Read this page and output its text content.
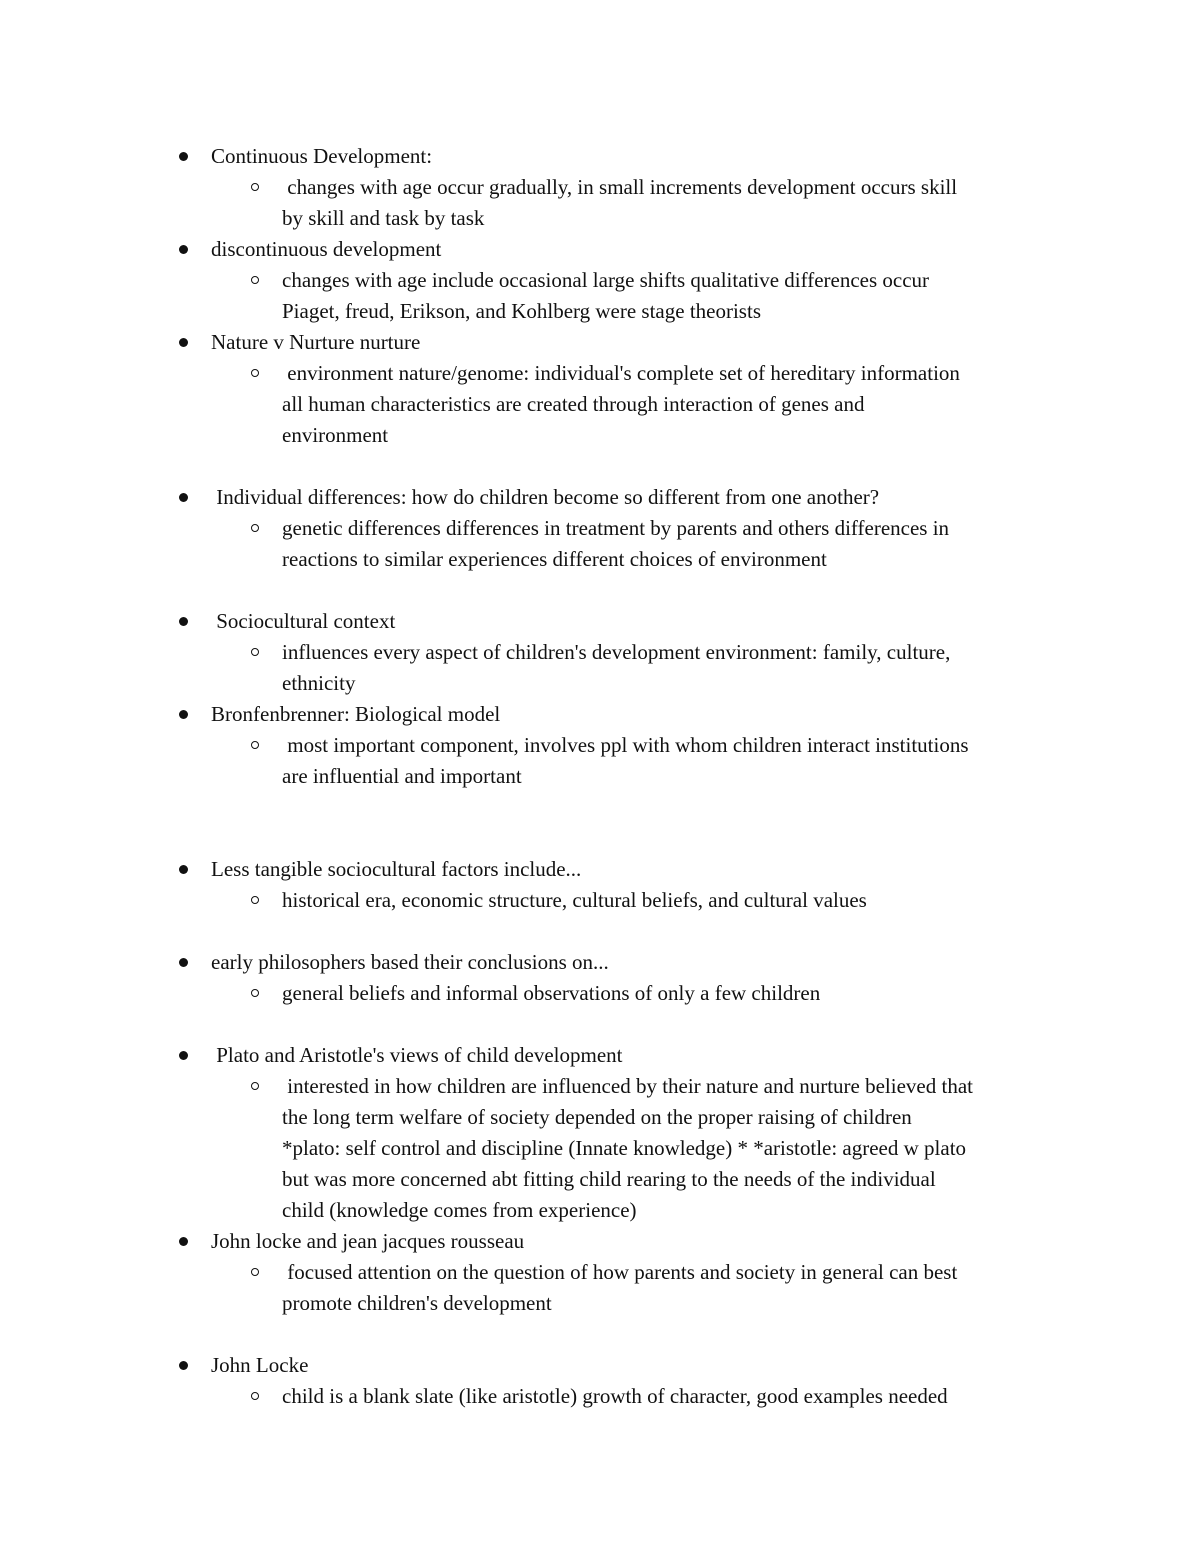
Continuous Development:
changes with age occur gradually, in small increments development occurs skill
by skill and task by task
discontinuous development
changes with age include occasional large shifts qualitative differences occur
Piaget, freud, Erikson, and Kohlberg were stage theorists
Nature v Nurture nurture
environment nature/genome: individual's complete set of hereditary information
all human characteristics are created through interaction of genes and
environment
Individual differences: how do children become so different from one another?
genetic differences differences in treatment by parents and others differences in
reactions to similar experiences different choices of environment
Sociocultural context
influences every aspect of children's development environment: family, culture,
ethnicity
Bronfenbrenner: Biological model
most important component, involves ppl with whom children interact institutions
are influential and important
Less tangible sociocultural factors include...
historical era, economic structure, cultural beliefs, and cultural values
early philosophers based their conclusions on...
general beliefs and informal observations of only a few children
Plato and Aristotle's views of child development
interested in how children are influenced by their nature and nurture believed that
the long term welfare of society depended on the proper raising of children
*plato: self control and discipline (Innate knowledge) * *aristotle: agreed w plato
but was more concerned abt fitting child rearing to the needs of the individual
child (knowledge comes from experience)
John locke and jean jacques rousseau
focused attention on the question of how parents and society in general can best
promote children's development
John Locke
child is a blank slate (like aristotle) growth of character, good examples needed
